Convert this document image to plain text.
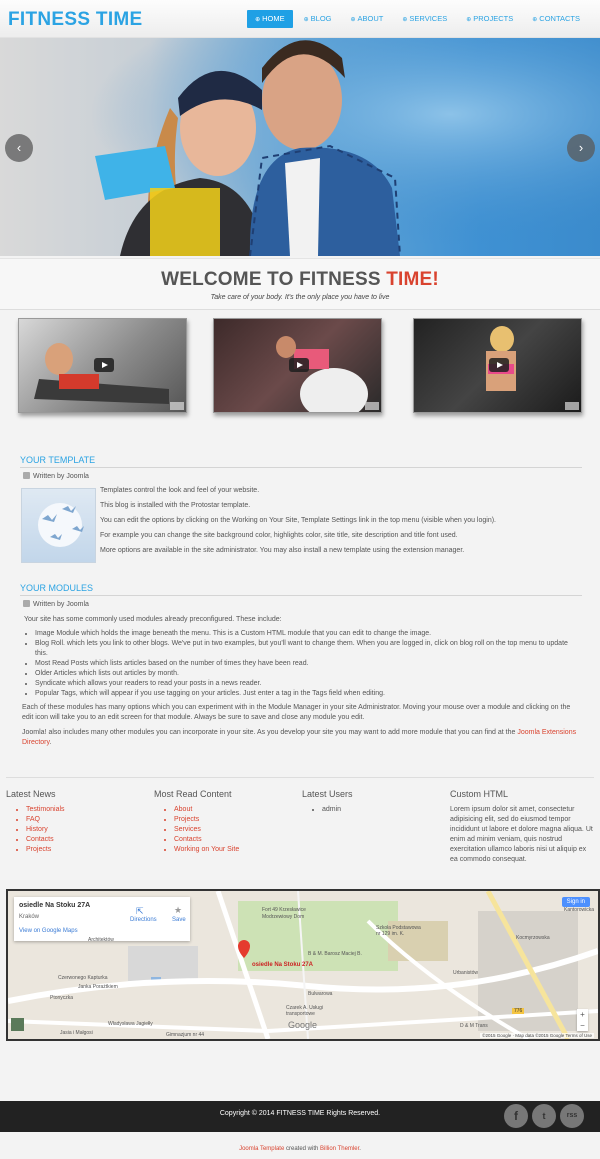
FITNESS TIME	⊕ HOME	⊕ BLOG	⊕ ABOUT	⊕ SERVICES	⊕ PROJECTS	⊕ CONTACTS
‹	›
WELCOME TO FITNESS TIME!

Take care of your body. It's the only place you have to live

YOUR TEMPLATE
Written by Joomla
Templates control the look and feel of your website.
This blog is installed with the Protostar template.
You can edit the options by clicking on the Working on Your Site, Template Settings link in the top menu (visible when you login).
For example you can change the site background color, highlights color, site title, site description and title font used.
More options are available in the site administrator. You may also install a new template using the extension manager.
YOUR MODULES
Written by Joomla
Your site has some commonly used modules already preconfigured. These include:
• Image Module which holds the image beneath the menu. This is a Custom HTML module that you can edit to change the image.
• Blog Roll. which lets you link to other blogs. We've put in two examples, but you'll want to change them. When you are logged in, click on blog roll on the top menu to update this.
• Most Read Posts which lists articles based on the number of times they have been read.
• Older Articles which lists out articles by month.
• Syndicate which allows your readers to read your posts in a news reader.
• Popular Tags, which will appear if you use tagging on your articles. Just enter a tag in the Tags field when editing.
Each of these modules has many options which you can experiment with in the Module Manager in your site Administrator. Moving your mouse over a module and clicking on the edit icon will take you to an edit screen for that module. Always be sure to save and close any module you edit.
Joomla! also includes many other modules you can incorporate in your site. As you develop your site you may want to add more module that you can find at the Joomla Extensions Directory.
Latest News
• Testimonials
• FAQ
• History
• Contacts
• Projects
Most Read Content
• About
• Projects
• Services
• Contacts
• Working on Your Site
Latest Users
• admin
Custom HTML

Lorem ipsum dolor sit amet, consectetur adipisicing elit, sed do eiusmod tempor incididunt ut labore et dolore magna aliqua. Ut enim ad minim veniam, quis nostrud exercitation ullamco laboris nisi ut aliquip ex ea commodo consequat.

osiedle Na Stoku 27A
Kraków
View on Google Maps
⇱
Directions
★
Save
Sign in
osiedle Na Stoku 27A
Fort 49 Krzesławice
Modrzewiowy Dom
Szkoła Podstawowa nr 129 im. K.
B & M. Barosz Maciej B.
Czarek A. Usługi transportowe
D & M Trans
Architektów
Urbanistów
Kocmyrzowska
Jasia i Małgosi
Władysława Jagiełły
Gimnazjum nr 44
Czerwonego Kapturka
Janka Porażtkiem
Ptonyczka
Kantorowicka
Bulwarowa
776
Google
©2015 Google · Map data ©2015 Google Terms of Use
+
−
Copyright © 2014 FITNESS TIME Rights Reserved.	f	t	rss
Joomla Template created with Billion Themler.
